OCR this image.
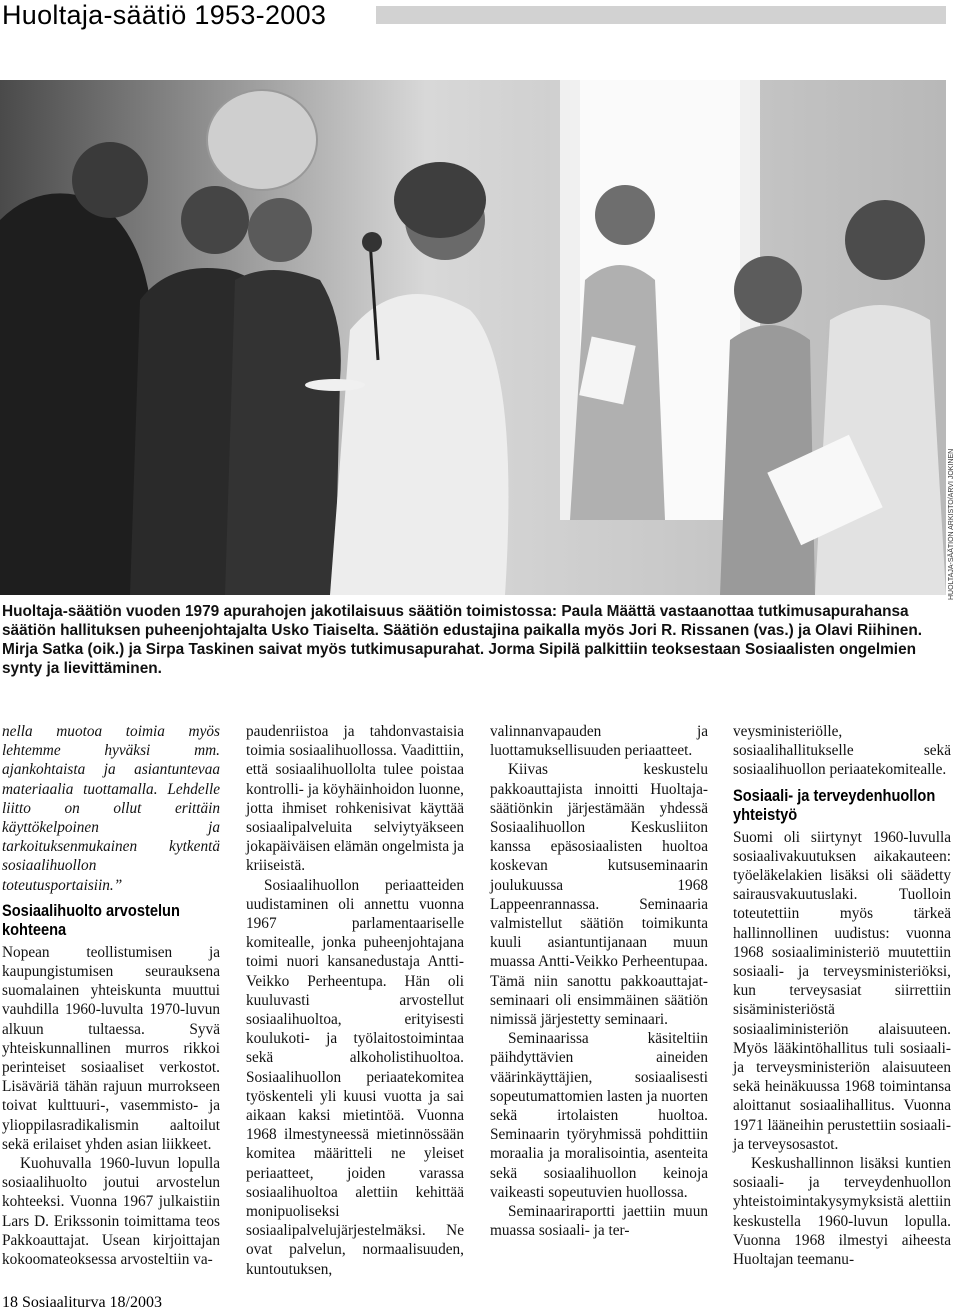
Huoltaja-säätiö 1953-2003
HUOLTAJA-SÄÄTIÖN ARKISTO/ARVI JOKINEN
Huoltaja-säätiön vuoden 1979 apurahojen jakotilaisuus säätiön toimistossa: Paula Määttä vastaanottaa tutkimusapurahansa säätiön hallituksen puheenjohtajalta Usko Tiaiselta. Säätiön edustajina paikalla myös Jori R. Rissanen (vas.) ja Olavi Riihinen. Mirja Satka (oik.) ja Sirpa Taskinen saivat myös tutkimusapurahat. Jorma Sipilä palkittiin teoksestaan Sosiaalisten ongelmien synty ja lievittäminen.

nella muotoa toimia myös lehtemme hyväksi mm. ajankohtaista ja asiantuntevaa materiaalia tuottamalla. Lehdelle liitto on ollut erittäin käyttökelpoinen ja tarkoituksenmukainen kytkentä sosiaalihuollon toteutusportaisiin.”

Sosiaalihuolto arvostelun kohteena

Nopean teollistumisen ja kaupungistumisen seurauksena suomalainen yhteiskunta muuttui vauhdilla 1960-luvulta 1970-luvun alkuun tultaessa. Syvä yhteiskunnallinen murros rikkoi perinteiset sosiaaliset verkostot. Lisäväriä tähän rajuun murrokseen toivat kulttuuri-, vasemmisto- ja ylioppilasradikalismin aaltoilut sekä erilaiset yhden asian liikkeet.

Kuohuvalla 1960-luvun lopulla sosiaalihuolto joutui arvostelun kohteeksi. Vuonna 1967 julkaistiin Lars D. Erikssonin toimittama teos Pakkoauttajat. Usean kirjoittajan kokoomateoksessa arvosteltiin va-

paudenriistoa ja tahdonvastaisia toimia sosiaalihuollossa. Vaadittiin, että sosiaalihuollolta tulee poistaa kontrolli- ja köyhäinhoidon luonne, jotta ihmiset rohkenisivat käyttää sosiaalipalveluita selviytyäkseen jokapäiväisen elämän ongelmista ja kriiseistä.

Sosiaalihuollon periaatteiden uudistaminen oli annettu vuonna 1967 parlamentaariselle komitealle, jonka puheenjohtajana toimi nuori kansanedustaja Antti-Veikko Perheentupa. Hän oli kuuluvasti arvostellut sosiaalihuoltoa, erityisesti koulukoti- ja työlaitostoimintaa sekä alkoholistihuoltoa. Sosiaalihuollon periaatekomitea työskenteli yli kuusi vuotta ja sai aikaan kaksi mietintöä. Vuonna 1968 ilmestyneessä mietinnössään komitea määritteli ne yleiset periaatteet, joiden varassa sosiaalihuoltoa alettiin kehittää monipuoliseksi sosiaalipalvelujärjestelmäksi. Ne ovat palvelun, normaalisuuden, kuntoutuksen,

valinnanvapauden ja luottamuksellisuuden periaatteet.

Kiivas keskustelu pakkoauttajista innoitti Huoltaja-säätiönkin järjestämään yhdessä Sosiaalihuollon Keskusliiton kanssa epäsosiaalisten huoltoa koskevan kutsuseminaarin joulukuussa 1968 Lappeenrannassa. Seminaaria valmistellut säätiön toimikunta kuuli asiantuntijanaan muun muassa Antti-Veikko Perheentupaa. Tämä niin sanottu pakkoauttajat-seminaari oli ensimmäinen säätiön nimissä järjestetty seminaari.

Seminaarissa käsiteltiin päihdyttävien aineiden väärinkäyttäjien, sosiaalisesti sopeutumattomien lasten ja nuorten sekä irtolaisten huoltoa. Seminaarin työryhmissä pohdittiin moraalia ja moralisointia, asenteita sekä sosiaalihuollon keinoja vaikeasti sopeutuvien huollossa.

Seminaariraportti jaettiin muun muassa sosiaali- ja ter-

veysministeriölle, sosiaalihallitukselle sekä sosiaalihuollon periaatekomitealle.

Sosiaali- ja terveydenhuollon yhteistyö

Suomi oli siirtynyt 1960-luvulla sosiaalivakuutuksen aikakauteen: työeläkelakien lisäksi oli säädetty sairausvakuutuslaki. Tuolloin toteutettiin myös tärkeä hallinnollinen uudistus: vuonna 1968 sosiaaliministeriö muutettiin sosiaali- ja terveysministeriöksi, kun terveysasiat siirrettiin sisäministeriöstä sosiaaliministeriön alaisuuteen. Myös lääkintöhallitus tuli sosiaali- ja terveysministeriön alaisuuteen sekä heinäkuussa 1968 toimintansa aloittanut sosiaalihallitus. Vuonna 1971 lääneihin perustettiin sosiaali- ja terveysosastot.

Keskushallinnon lisäksi kuntien sosiaali- ja terveydenhuollon yhteistoimintakysymyksistä alettiin keskustella 1960-luvun lopulla. Vuonna 1968 ilmestyi aiheesta Huoltajan teemanu-

18 Sosiaaliturva 18/2003
